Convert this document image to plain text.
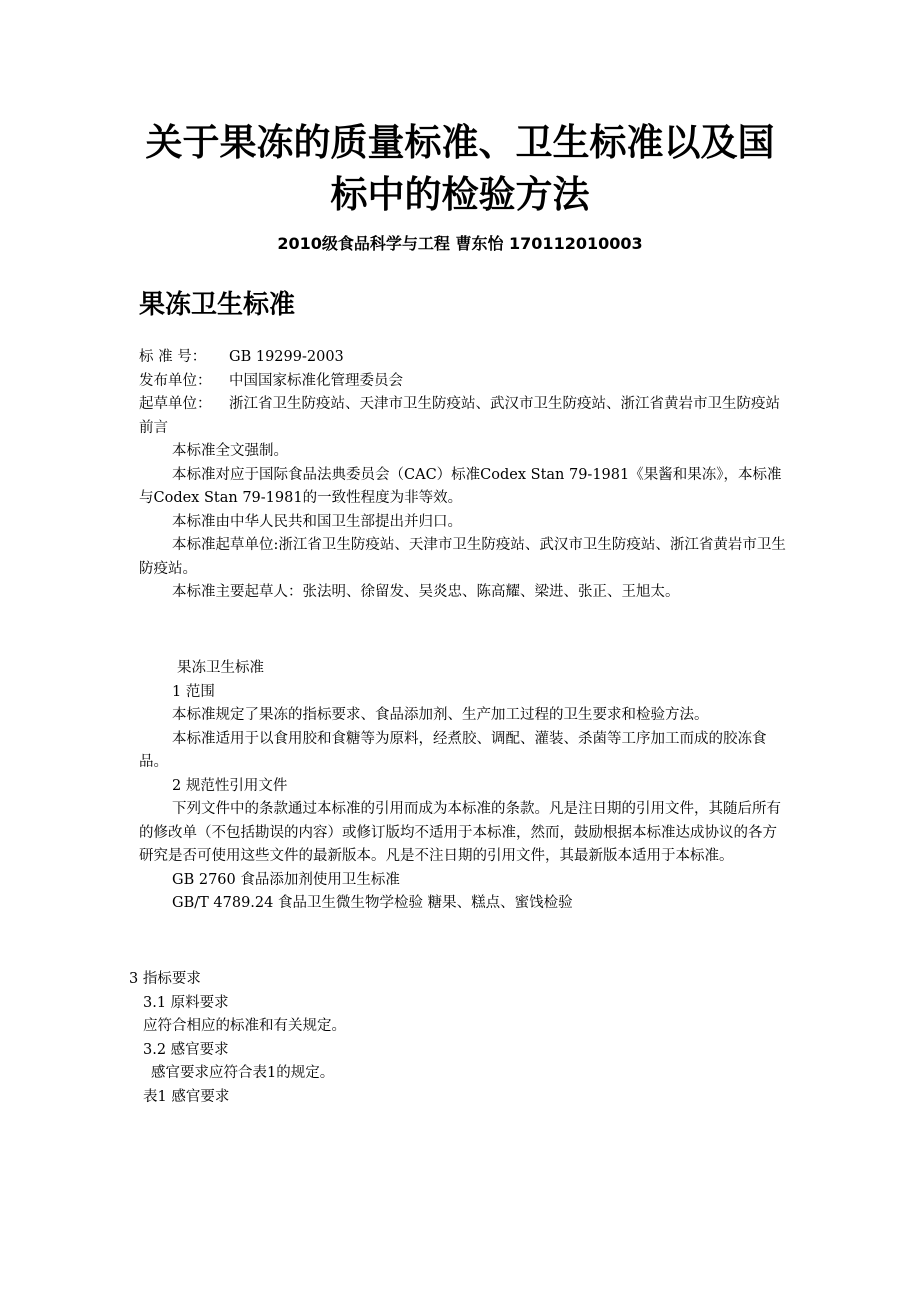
关于果冻的质量标准、卫生标准以及国
标中的检验方法

2010级食品科学与工程 曹东怡 170112010003

果冻卫生标准
标 准 号：	GB 19299-2003
发布单位：	中国国家标准化管理委员会
起草单位： 浙江省卫生防疫站、天津市卫生防疫站、武汉市卫生防疫站、浙江省黄岩市卫生防疫站
前言
本标准全文强制。
本标准对应于国际食品法典委员会（CAC）标准Codex Stan 79-1981《果酱和果冻》，本标准与Codex Stan 79-1981的一致性程度为非等效。
本标准由中华人民共和国卫生部提出并归口。
本标准起草单位:浙江省卫生防疫站、天津市卫生防疫站、武汉市卫生防疫站、浙江省黄岩市卫生防疫站。
本标准主要起草人：张法明、徐留发、吴炎忠、陈高耀、梁进、张正、王旭太。
果冻卫生标准
1 范围
本标准规定了果冻的指标要求、食品添加剂、生产加工过程的卫生要求和检验方法。
本标准适用于以食用胶和食糖等为原料，经煮胶、调配、灌装、杀菌等工序加工而成的胶冻食品。
2 规范性引用文件
下列文件中的条款通过本标准的引用而成为本标准的条款。凡是注日期的引用文件，其随后所有的修改单（不包括勘误的内容）或修订版均不适用于本标准，然而，鼓励根据本标准达成协议的各方研究是否可使用这些文件的最新版本。凡是不注日期的引用文件，其最新版本适用于本标准。
GB 2760 食品添加剂使用卫生标准
GB/T 4789.24 食品卫生微生物学检验 糖果、糕点、蜜饯检验
3 指标要求
3.1 原料要求
应符合相应的标准和有关规定。
3.2 感官要求
感官要求应符合表1的规定。
表1 感官要求
